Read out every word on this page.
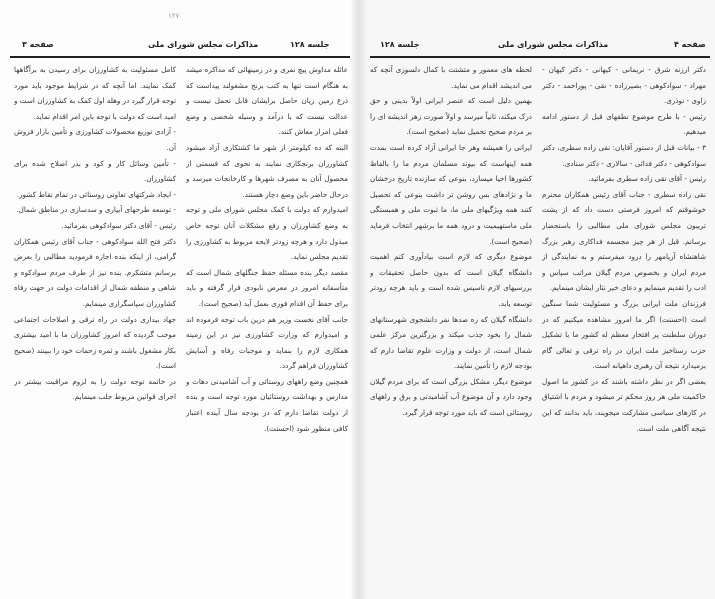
۱۲۷
صفحه ۳	مذاکرات مجلس شورای ملی	جلسه ۱۲۸

عائله مداوش پیچ نفری و در زمینهائی که مداکره میشد به هنگام است تنها به کتب برنج مشغولند پیداست که ذرع زمین زیان حاصل برایشان قابل تحمل نیست و عدالت نیست که با درآمد و وسیله شخصی و وضع فعلی امرار معاش کنند.

البته که ده کیلومتر از شهر ما کشتکاری آزاد میشود کشاورزان برنجکاری نمایند به نحوی که قسمتی از محصول آنان به مصرف شهرها و کارخانجات میرسد و درحال حاضر باین وضع دچار هستند.

امیدوارم که دولت با کمک مجلس شورای ملی و توجه به وضع کشاورزان و رفع مشکلات آنان توجه خاص مبذول دارد و هرچه زودتر لایحه مربوط به کشاورزی را تقدیم مجلس نماید.

مقصد دیگر بنده مسئله حفظ جنگلهای شمال است که متأسفانه امروز در معرض نابودی قرار گرفته و باید برای حفظ آن اقدام فوری بعمل آید (صحیح است).

جانب آقای نخست وزیر هم درین باب توجه فرموده اند و امیدوارم که وزارت کشاورزی نیز در این زمینه همکاری لازم را بنماید و موجبات رفاه و آسایش کشاورزان فراهم گردد.

همچنین وضع راههای روستائی و آب آشامیدنی دهات و مدارس و بهداشت روستائیان مورد توجه است و بنده از دولت تقاضا دارم که در بودجه سال آینده اعتبار کافی منظور شود (احسنت).

کامل مسئولیت به کشاورزان برای رسیدن به برآگاهها کمک نمایند. اما آنچه که در شرایط موجود باید مورد توجه قرار گیرد در وهله اول کمک به کشاورزان است و امید است که دولت با توجه باین امر اقدام نماید.

- آزادی توزیع محصولات کشاورزی و تأمین بازار فروش آن.

- تأمین وسائل کار و کود و بذر اصلاح شده برای کشاورزان.

- ایجاد شرکتهای تعاونی روستائی در تمام نقاط کشور.

- توسعه طرحهای آبیاری و سدسازی در مناطق شمال.

رئیس - آقای دکتر سوادکوهی بفرمائید.

دکتر فتح الله سوادکوهی - جناب آقای رئیس همکاران گرامی، از اینکه بنده اجازه فرمودید مطالبی را بعرض برسانم متشکرم. بنده نیز از طرف مردم سوادکوه و شاهی و منطقه شمال از اقدامات دولت در جهت رفاه کشاورزان سپاسگزاری مینمایم.

جهاد بیداری دولت در راه ترقی و اصلاحات اجتماعی موجب گردیده که امروز کشاورزان ما با امید بیشتری بکار مشغول باشند و ثمره زحمات خود را ببینند (صحیح است).

در خاتمه توجه دولت را به لزوم مراقبت بیشتر در اجرای قوانین مربوط جلب مینمایم.

صفحه ۴
مذاکرات مجلس شورای ملی
جلسه ۱۲۸

لحظه های معمور و متشتت با کمال دلسوزی آنچه که می اندیشد اقدام می نماید.

بهمین دلیل است که عنصر ایرانی اولاً بدینی و حق درک میکند، ثانیاً میرسد و اولاً صورت زهر اندیشه ای را بر مردم صحیح تحمیل نماید (صحیح است).

ایرانی را همیشه وهر جا ایرانی آزاد کرده است بمدت همه اینهاست که بیوند مسلمان مردم ما را بالفاظ کشورها احیا میسازد، بنوعی که سازنده تاریخ درخشان ما و نژادهای بس روشن تر داشت بنوعی که تحصیل کنند همه ویژگیهای ملی ما، ما ثبوت ملی و همبستگی ملی ماستهیمیت و درود همه ما برشهر انتخاب فرماید (صحیح است).

موضوع دیگری که لازم است بیادآوری کنم اهمیت دانشگاه گیلان است که بدون حاصل تحقیقات و بررسیهای لازم تاسیس شده است و باید هرچه زودتر توسعه یابد.

دانشگاه گیلان که ره صدها نفر دانشجوی شهرستانهای شمال را بخود جذب میکند و بزرگترین مرکز علمی شمال است، از دولت و وزارت علوم تقاضا دارم که بودجه لازم را تأمین نمایند.

موضوع دیگر، مشکل بزرگی است که برای مردم گیلان وجود دارد و آن موضوع آب آشامیدنی و برق و راههای روستائی است که باید مورد توجه قرار گیرد.

دکتر ارزنه شرق - نریمانی - کیهانی - دکتر کیهان - مهراد - سوادکوهی - بصیرزاده - نقی - پوراحمد - دکتر زاوی - نوذری.

رئیس - با طرح موضوع نطقهای قبل از دستور ادامه میدهیم.

۳ - بیانات قبل از دستور آقایان: نقی زاده سطری، دکتر سوادکوهی - دکتر فدائی - سالاری - دکتر سنادی.

رئیس - آقای نقی زاده سطری بفرمائید.

نقی زاده سطری - جناب آقای رئیس همکاران محترم خوشوقتم که امروز فرصتی دست داد که از پشت تریبون مجلس شورای ملی مطالبی را باستحضار برسانم. قبل از هر چیز مجسمه فداکاری رهبر بزرگ شاهنشاه آریامهر را درود میفرستم و به نمایندگی از مردم ایران و بخصوص مردم گیلان مراتب سپاس و ادب را تقدیم مینمایم و دعای خیر نثار ایشان مینمایم.

فرزندان ملت ایرانی بزرگ و مسئولیت شما سنگین است (احسنت) اگر ما امروز مشاهده میکنیم که در دوران سلطنت پر افتخار معظم له کشور ما با تشکیل حزب رستاخیز ملت ایران در راه ترقی و تعالی گام برمیدارد نتیجه آن رهبری داهیانه است.

بعضی اگر در نظر داشته باشند که در کشور ما اصول حاکمیت ملی هر روز محکم تر میشود و مردم با اشتیاق در کارهای سیاسی مشارکت میجویند، باید بدانند که این نتیجه آگاهی ملت است.
